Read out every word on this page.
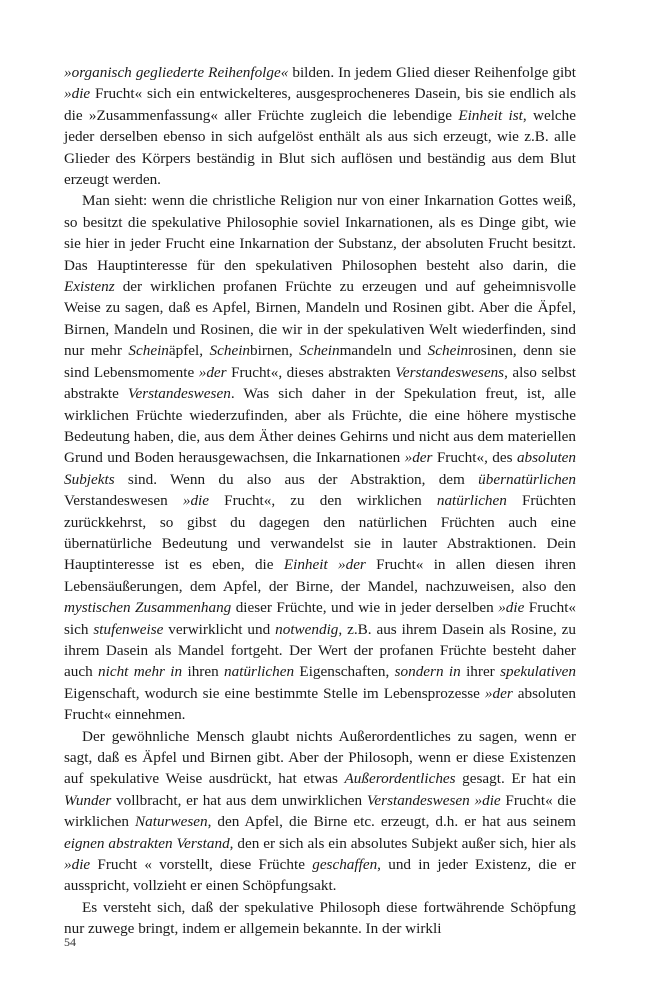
»organisch gegliederte Reihenfolge« bilden. In jedem Glied dieser Reihenfolge gibt »die Frucht« sich ein entwickelteres, ausgesprocheneres Dasein, bis sie endlich als die »Zusammenfassung« aller Früchte zugleich die lebendige Einheit ist, welche jeder derselben ebenso in sich aufgelöst enthält als aus sich erzeugt, wie z.B. alle Glieder des Körpers beständig in Blut sich auflösen und beständig aus dem Blut erzeugt werden.

Man sieht: wenn die christliche Religion nur von einer Inkarnation Gottes weiß, so besitzt die spekulative Philosophie soviel Inkarnationen, als es Dinge gibt, wie sie hier in jeder Frucht eine Inkarnation der Substanz, der absoluten Frucht besitzt. Das Hauptinteresse für den spekulativen Philosophen besteht also darin, die Existenz der wirklichen profanen Früchte zu erzeugen und auf geheimnisvolle Weise zu sagen, daß es Apfel, Birnen, Mandeln und Rosinen gibt. Aber die Äpfel, Birnen, Mandeln und Rosinen, die wir in der spekulativen Welt wiederfinden, sind nur mehr Scheinäpfel, Scheinbirnen, Scheinmandeln und Scheinrosinen, denn sie sind Lebensmomente »der Frucht«, dieses abstrakten Verstandeswesens, also selbst abstrakte Verstandeswesen. Was sich daher in der Spekulation freut, ist, alle wirklichen Früchte wiederzufinden, aber als Früchte, die eine höhere mystische Bedeutung haben, die, aus dem Äther deines Gehirns und nicht aus dem materiellen Grund und Boden herausgewachsen, die Inkarnationen »der Frucht«, des absoluten Subjekts sind. Wenn du also aus der Abstraktion, dem übernatürlichen Verstandeswesen »die Frucht«, zu den wirklichen natürlichen Früchten zurückkehrst, so gibst du dagegen den natürlichen Früchten auch eine übernatürliche Bedeutung und verwandelst sie in lauter Abstraktionen. Dein Hauptinteresse ist es eben, die Einheit »der Frucht« in allen diesen ihren Lebensäußerungen, dem Apfel, der Birne, der Mandel, nachzuweisen, also den mystischen Zusammenhang dieser Früchte, und wie in jeder derselben »die Frucht« sich stufenweise verwirklicht und notwendig, z.B. aus ihrem Dasein als Rosine, zu ihrem Dasein als Mandel fortgeht. Der Wert der profanen Früchte besteht daher auch nicht mehr in ihren natürlichen Eigenschaften, sondern in ihrer spekulativen Eigenschaft, wodurch sie eine bestimmte Stelle im Lebensprozesse »der absoluten Frucht« einnehmen.

Der gewöhnliche Mensch glaubt nichts Außerordentliches zu sagen, wenn er sagt, daß es Äpfel und Birnen gibt. Aber der Philosoph, wenn er diese Existenzen auf spekulative Weise ausdrückt, hat etwas Außerordentliches gesagt. Er hat ein Wunder vollbracht, er hat aus dem unwirklichen Verstandeswesen »die Frucht« die wirklichen Naturwesen, den Apfel, die Birne etc. erzeugt, d.h. er hat aus seinem eignen abstrakten Verstand, den er sich als ein absolutes Subjekt außer sich, hier als »die Frucht « vorstellt, diese Früchte geschaffen, und in jeder Existenz, die er ausspricht, vollzieht er einen Schöpfungsakt.

Es versteht sich, daß der spekulative Philosoph diese fortwährende Schöpfung nur zuwege bringt, indem er allgemein bekannte. In der wirkli

54
